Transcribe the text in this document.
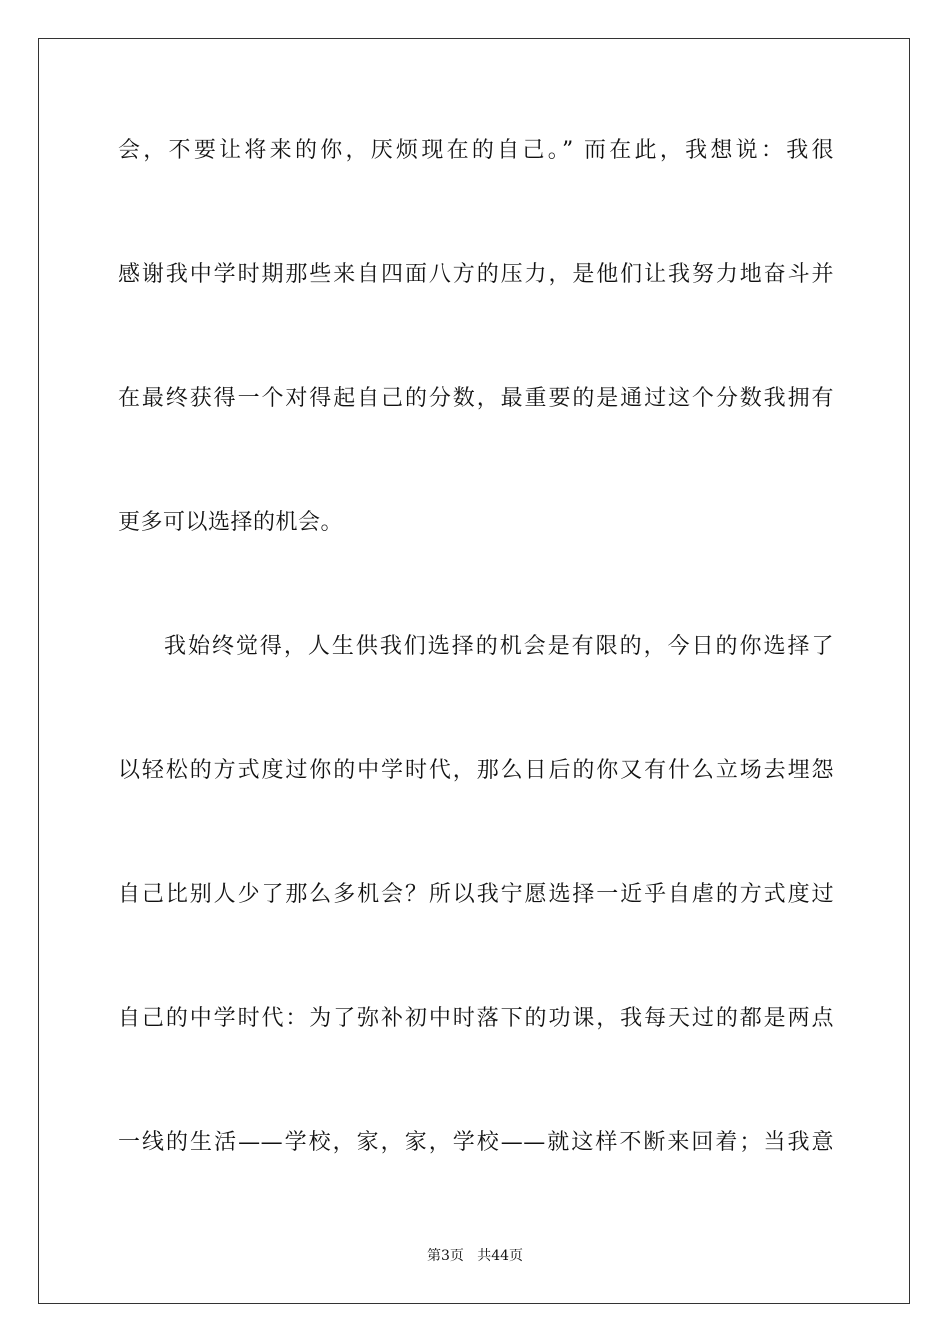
会，不要让将来的你，厌烦现在的自己。” 而在此，我想说：我很
感谢我中学时期那些来自四面八方的压力，是他们让我努力地奋斗并
在最终获得一个对得起自己的分数，最重要的是通过这个分数我拥有
更多可以选择的机会。
我始终觉得，人生供我们选择的机会是有限的，今日的你选择了
以轻松的方式度过你的中学时代，那么日后的你又有什么立场去埋怨
自己比别人少了那么多机会？所以我宁愿选择一近乎自虐的方式度过
自己的中学时代：为了弥补初中时落下的功课，我每天过的都是两点
一线的生活——学校，家，家，学校——就这样不断来回着；当我意
第3页   共44页
